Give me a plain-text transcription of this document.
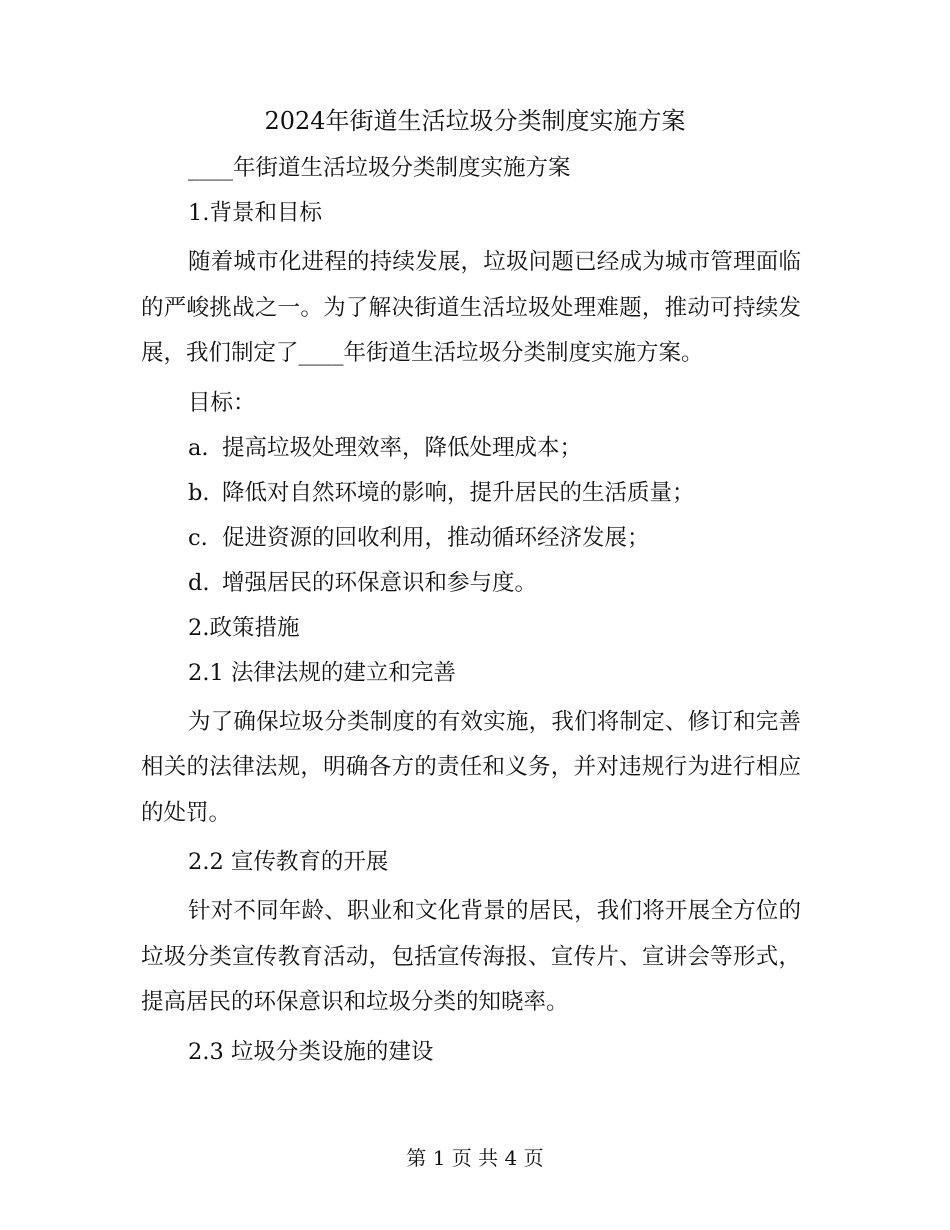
2024年街道生活垃圾分类制度实施方案

____年街道生活垃圾分类制度实施方案

1.背景和目标

随着城市化进程的持续发展，垃圾问题已经成为城市管理面临的严峻挑战之一。为了解决街道生活垃圾处理难题，推动可持续发展，我们制定了____年街道生活垃圾分类制度实施方案。

目标：

a. 提高垃圾处理效率，降低处理成本；

b. 降低对自然环境的影响，提升居民的生活质量；

c. 促进资源的回收利用，推动循环经济发展；

d. 增强居民的环保意识和参与度。

2.政策措施

2.1 法律法规的建立和完善

为了确保垃圾分类制度的有效实施，我们将制定、修订和完善相关的法律法规，明确各方的责任和义务，并对违规行为进行相应的处罚。

2.2 宣传教育的开展

针对不同年龄、职业和文化背景的居民，我们将开展全方位的垃圾分类宣传教育活动，包括宣传海报、宣传片、宣讲会等形式，提高居民的环保意识和垃圾分类的知晓率。

2.3 垃圾分类设施的建设

第 1 页 共 4 页
